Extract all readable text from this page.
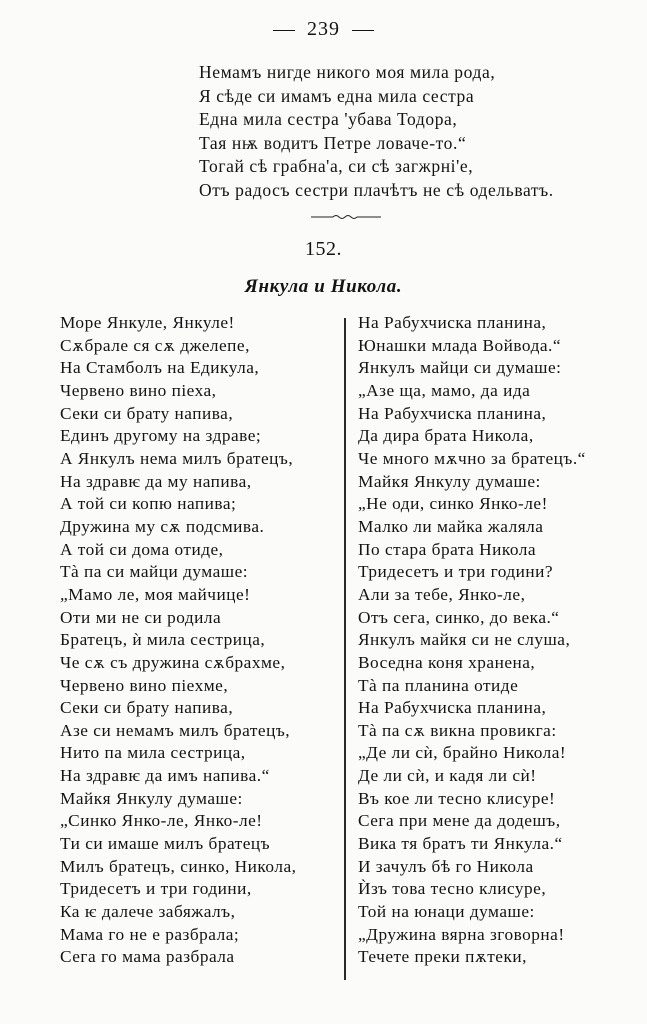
239
Немамъ нигде никого моя мила рода,
Я сѣде си имамъ една мила сестра
Една мила сестра 'убава Тодора,
Тая нѭ водитъ Петре ловаче-то.“
Тогай сѣ грабна'а, си сѣ загжрнi'е,
Отъ радосъ сестри плачѣтъ не сѣ одельватъ.
152.
Янкула и Никола.
Море Янкуле, Янкуле!
Сѫбрале ся сѫ джелепе,
На Стамболъ на Едикула,
Червено вино пiеха,
Секи си брату напива,
Единъ другому на здраве;
А Янкулъ нема милъ братецъ,
На здравѥ да му напива,
А той си копю напива;
Дружина му сѫ подсмива.
А той си дома отиде,
Тà па си майци думаше:
„Мамо ле, моя майчице!
Оти ми не си родила
Братецъ, ѝ мила сестрица,
Че сѫ съ дружина сѫбрахме,
Червено вино пiехме,
Секи си брату напива,
Азе си немамъ милъ братецъ,
Нито па мила сестрица,
На здравѥ да имъ напива.“
Майкя Янкулу думаше:
„Синко Янко-ле, Янко-ле!
Ти си имаше милъ братецъ
Милъ братецъ, синко, Никола,
Тридесетъ и три години,
Ка ѥ далече забяжалъ,
Мама го не е разбрала;
Сега го мама разбрала
На Рабухчиска планина,
Юнашки млада Войвода.“
Янкулъ майци си думаше:
„Азе ща, мамо, да ида
На Рабухчиска планина,
Да дира брата Никола,
Че много мѫчно за братецъ.“
Майкя Янкулу думаше:
„Не оди, синко Янко-ле!
Малко ли майка жаляла
По стара брата Никола
Тридесетъ и три години?
Али за тебе, Янко-ле,
Отъ сега, синко, до века.“
Янкулъ майкя си не слуша,
Воседна коня хранена,
Тà па планина отиде
На Рабухчиска планина,
Тà па сѫ викна провикга:
„Де ли сѝ, брайно Никола!
Де ли сѝ, и кадя ли сѝ!
Въ кое ли тесно клисуре!
Сега при мене да додешъ,
Вика тя братъ ти Янкула.“
И зачулъ бѣ го Никола
Ѝзъ това тесно клисуре,
Той на юнаци думаше:
„Дружина вярна зговорна!
Течете преки пѫтеки,
